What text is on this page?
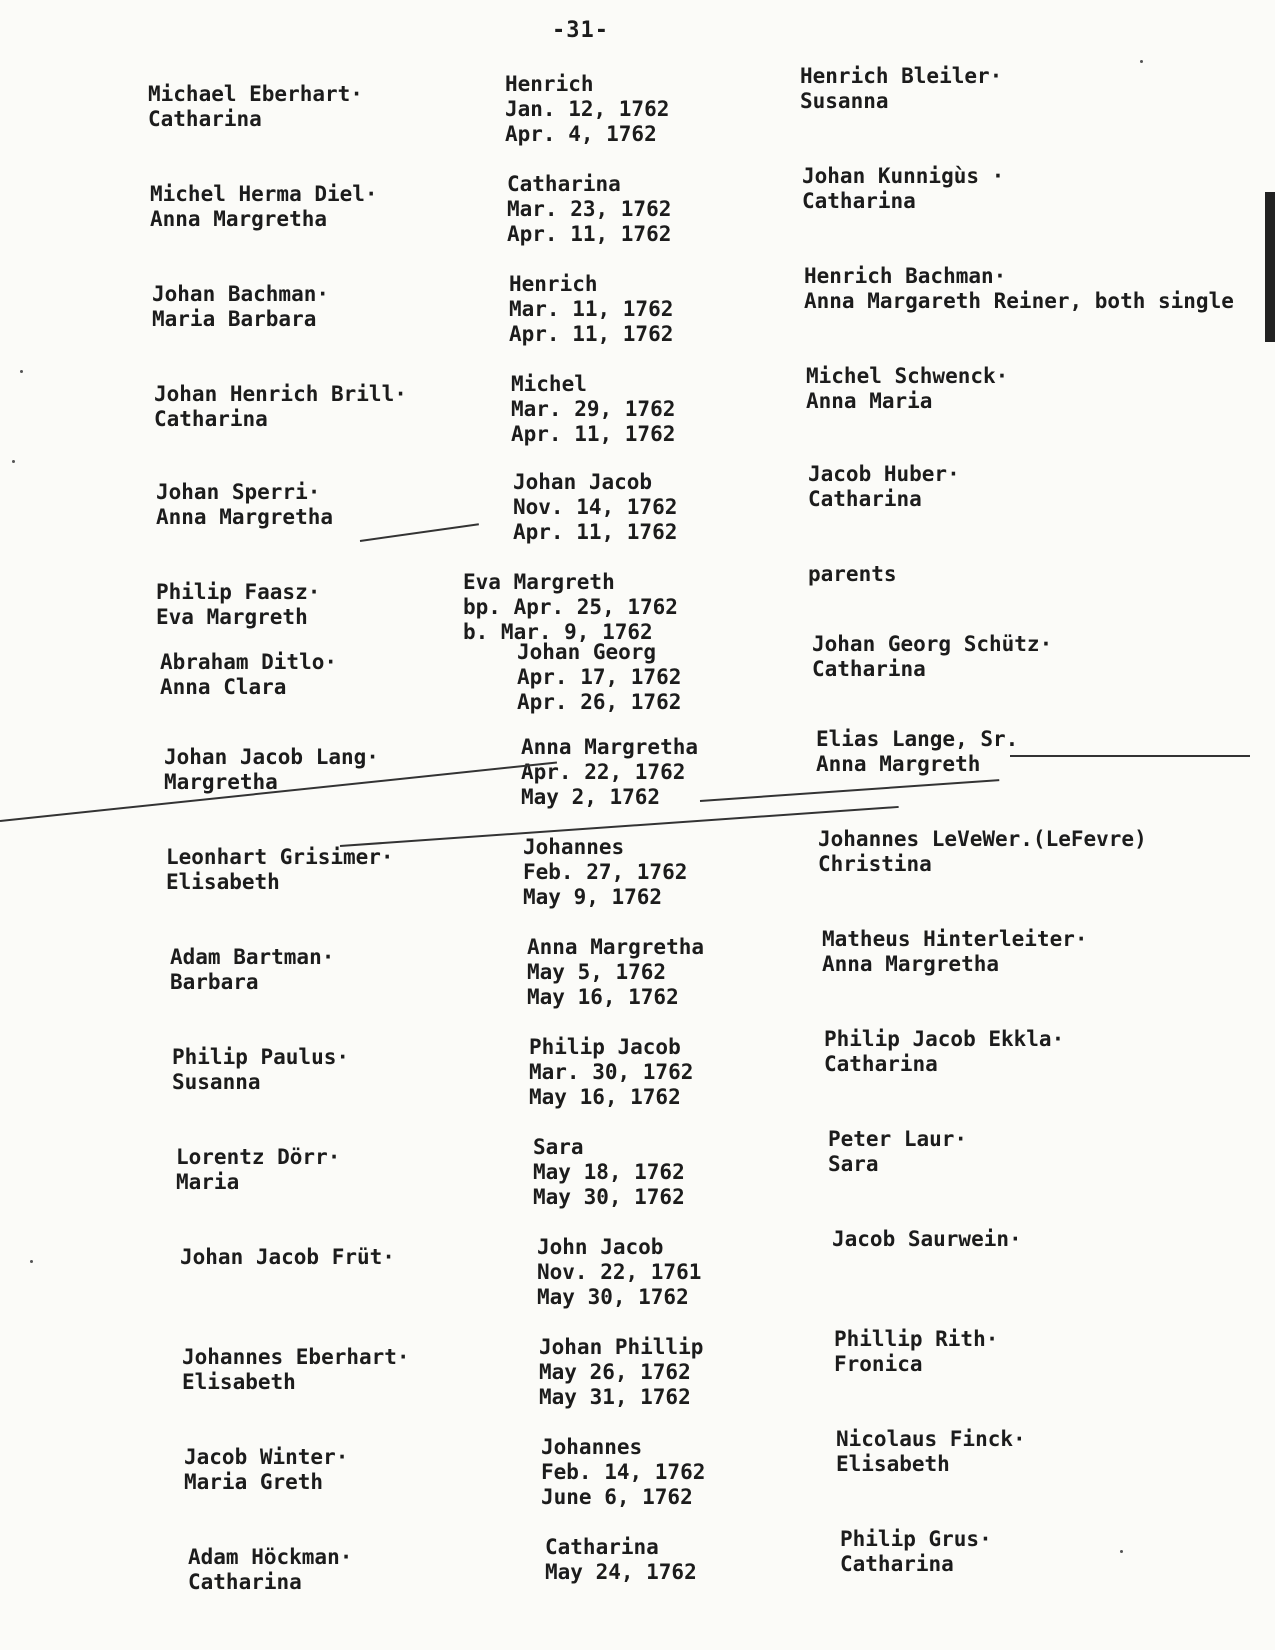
-31-
Michael Eberhart·
Catharina
Henrich
Jan. 12, 1762
Apr. 4, 1762
Henrich Bleiler·
Susanna
Michel Herma Diel·
Anna Margretha
Catharina
Mar. 23, 1762
Apr. 11, 1762
Johan Kunnigùs ·
Catharina
Johan Bachman·
Maria Barbara
Henrich
Mar. 11, 1762
Apr. 11, 1762
Henrich Bachman·
Anna Margareth Reiner, both single
Johan Henrich Brill·
Catharina
Michel
Mar. 29, 1762
Apr. 11, 1762
Michel Schwenck·
Anna Maria
Johan Sperri·
Anna Margretha
Johan Jacob
Nov. 14, 1762
Apr. 11, 1762
Jacob Huber·
Catharina
Philip Faasz·
Eva Margreth
Eva Margreth
bp. Apr. 25, 1762
b. Mar. 9, 1762
parents
Abraham Ditlo·
Anna Clara
Johan Georg
Apr. 17, 1762
Apr. 26, 1762
Johan Georg Schütz·
Catharina
Johan Jacob Lang·
Margretha
Anna Margretha
Apr. 22, 1762
May 2, 1762
Elias Lange, Sr.
Anna Margreth
Leonhart Grisimer·
Elisabeth
Johannes
Feb. 27, 1762
May 9, 1762
Johannes LeVeWer.(LeFevre)
Christina
Adam Bartman·
Barbara
Anna Margretha
May 5, 1762
May 16, 1762
Matheus Hinterleiter·
Anna Margretha
Philip Paulus·
Susanna
Philip Jacob
Mar. 30, 1762
May 16, 1762
Philip Jacob Ekkla·
Catharina
Lorentz Dörr·
Maria
Sara
May 18, 1762
May 30, 1762
Peter Laur·
Sara
Johan Jacob Früt·	John Jacob
Nov. 22, 1761
May 30, 1762
Jacob Saurwein·
Johannes Eberhart·
Elisabeth
Johan Phillip
May 26, 1762
May 31, 1762
Phillip Rith·
Fronica
Jacob Winter·
Maria Greth
Johannes
Feb. 14, 1762
June 6, 1762
Nicolaus Finck·
Elisabeth
Adam Höckman·
Catharina
Catharina
May 24, 1762
Philip Grus·
Catharina
